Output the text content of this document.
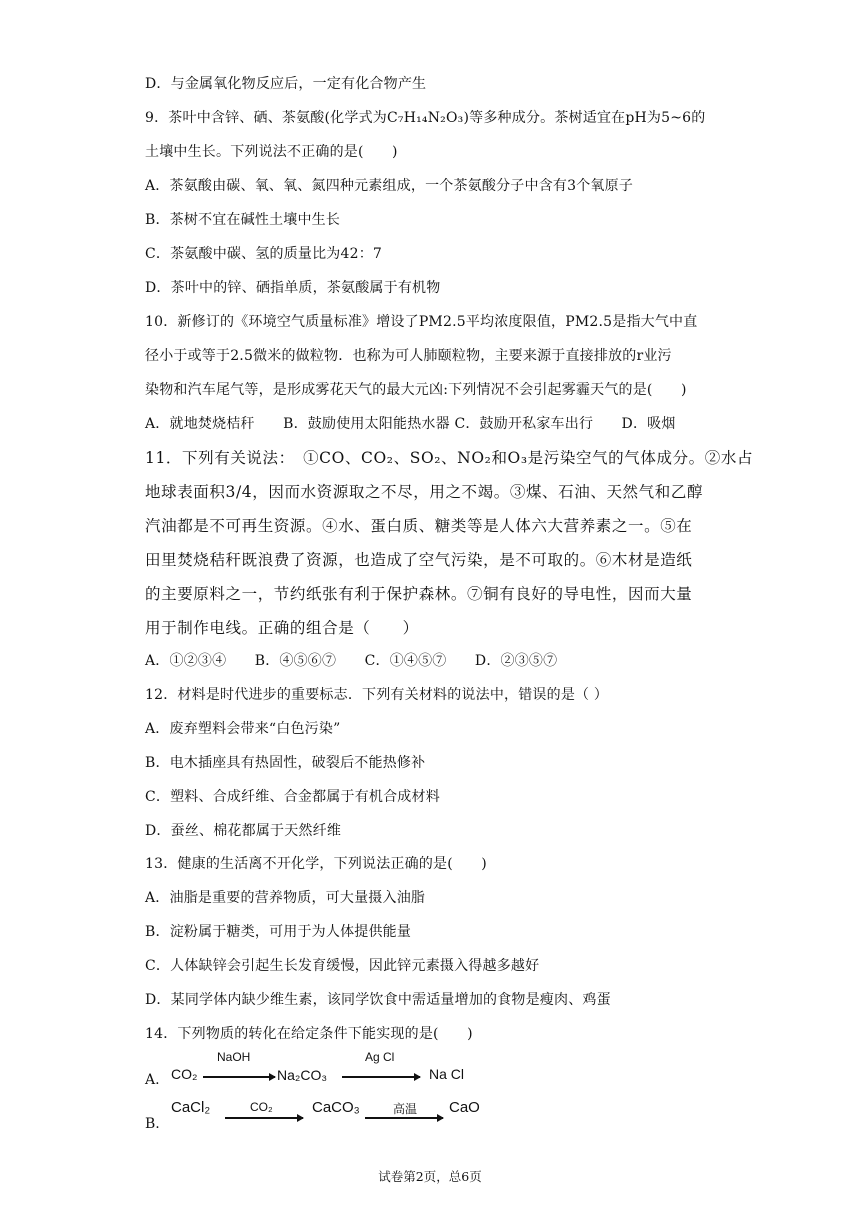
D．与金属氧化物反应后，一定有化合物产生
9．茶叶中含锌、硒、茶氨酸(化学式为C₇H₁₄N₂O₃)等多种成分。茶树适宜在pH为5~6的
土壤中生长。下列说法不正确的是(　　)
A．茶氨酸由碳、氧、氧、氮四种元素组成，一个茶氨酸分子中含有3个氧原子
B．茶树不宜在碱性土壤中生长
C．茶氨酸中碳、氢的质量比为42：7
D．茶叶中的锌、硒指单质，茶氨酸属于有机物
10．新修订的《环境空气质量标准》增设了PM2.5平均浓度限值，PM2.5是指大气中直
径小于或等于2.5微米的做粒物．也称为可人肺颐粒物，主要来源于直接排放的r业污
染物和汽车尾气等，是形成雾花天气的最大元凶:下列情况不会引起雾霾天气的是(　　)
A．就地焚烧桔秆　　B．鼓励使用太阳能热水器 C．鼓励开私家车出行　　D．吸烟
11．下列有关说法：　①CO、CO₂、SO₂、NO₂和O₃是污染空气的气体成分。②水占
地球表面积3/4，因而水资源取之不尽，用之不竭。③煤、石油、天然气和乙醇
汽油都是不可再生资源。④水、蛋白质、糖类等是人体六大营养素之一。⑤在
田里焚烧秸秆既浪费了资源，也造成了空气污染，是不可取的。⑥木材是造纸
的主要原料之一，节约纸张有利于保护森林。⑦铜有良好的导电性，因而大量
用于制作电线。正确的组合是（　　）
A．①②③④　　B．④⑤⑥⑦　　C．①④⑤⑦　　D．②③⑤⑦
12．材料是时代进步的重要标志．下列有关材料的说法中，错误的是（ ）
A．废弃塑料会带来“白色污染”
B．电木插座具有热固性，破裂后不能热修补
C．塑料、合成纤维、合金都属于有机合成材料
D．蚕丝、棉花都属于天然纤维
13．健康的生活离不开化学，下列说法正确的是(　　)
A．油脂是重要的营养物质，可大量摄入油脂
B．淀粉属于糖类，可用于为人体提供能量
C．人体缺锌会引起生长发育缓慢，因此锌元素摄入得越多越好
D．某同学体内缺少维生素，该同学饮食中需适量增加的食物是瘦肉、鸡蛋
14．下列物质的转化在给定条件下能实现的是(　　)
A. CO₂
NaOH
Na₂CO₃
Ag Cl
Na Cl
B.
CaCl₂	CO₂	CaCO₃	高温 CaO
试卷第2页，总6页
